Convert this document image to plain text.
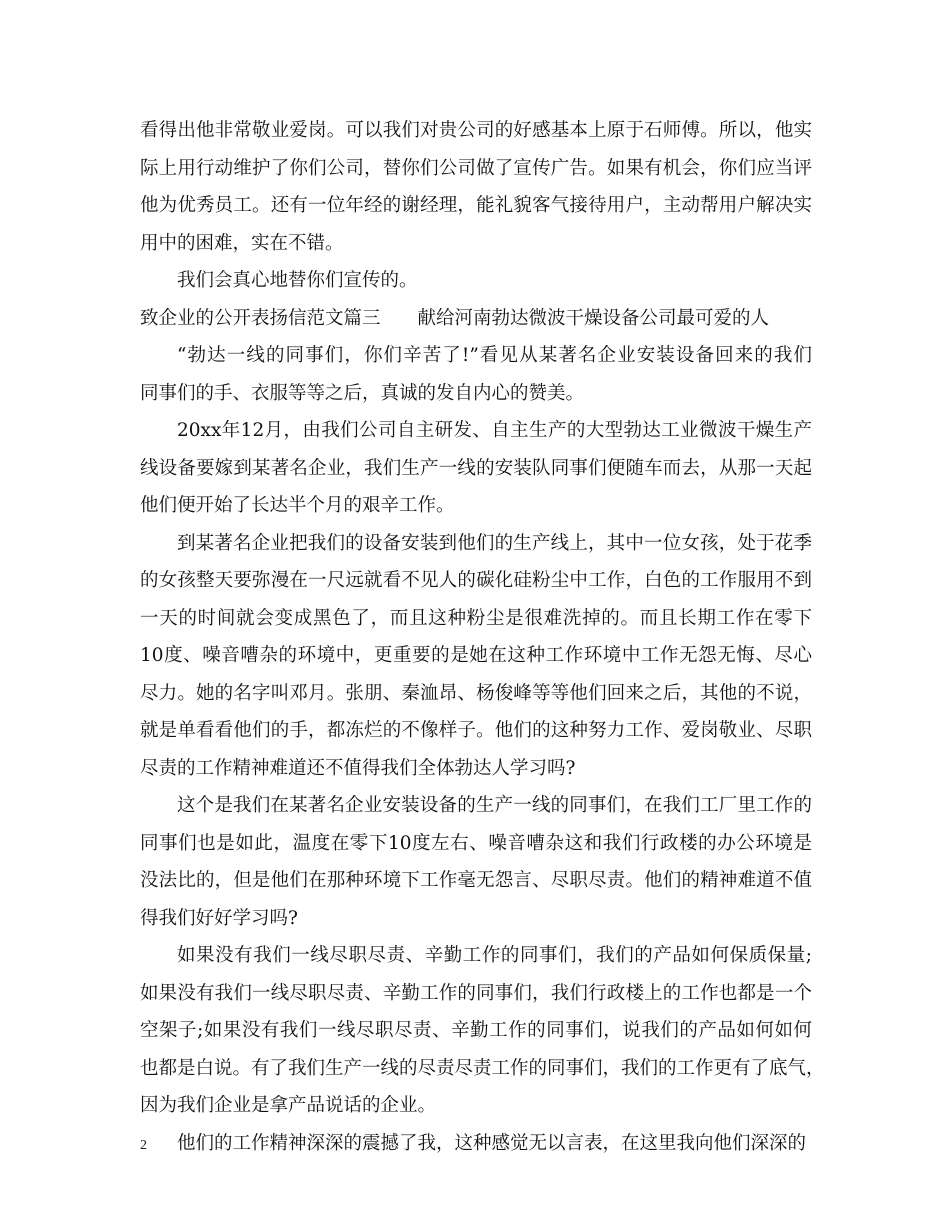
看得出他非常敬业爱岗。可以我们对贵公司的好感基本上原于石师傅。所以，他实
际上用行动维护了你们公司，替你们公司做了宣传广告。如果有机会，你们应当评
他为优秀员工。还有一位年经的谢经理，能礼貌客气接待用户，主动帮用户解决实
用中的困难，实在不错。
我们会真心地替你们宣传的。
致企业的公开表扬信范文篇三　　献给河南勃达微波干燥设备公司最可爱的人
“勃达一线的同事们，你们辛苦了!”看见从某著名企业安装设备回来的我们
同事们的手、衣服等等之后，真诚的发自内心的赞美。
20xx年12月，由我们公司自主研发、自主生产的大型勃达工业微波干燥生产
线设备要嫁到某著名企业，我们生产一线的安装队同事们便随车而去，从那一天起
他们便开始了长达半个月的艰辛工作。
到某著名企业把我们的设备安装到他们的生产线上，其中一位女孩，处于花季
的女孩整天要弥漫在一尺远就看不见人的碳化硅粉尘中工作，白色的工作服用不到
一天的时间就会变成黑色了，而且这种粉尘是很难洗掉的。而且长期工作在零下
10度、噪音嘈杂的环境中，更重要的是她在这种工作环境中工作无怨无悔、尽心
尽力。她的名字叫邓月。张朋、秦洫昂、杨俊峰等等他们回来之后，其他的不说，
就是单看看他们的手，都冻烂的不像样子。他们的这种努力工作、爱岗敬业、尽职
尽责的工作精神难道还不值得我们全体勃达人学习吗?
这个是我们在某著名企业安装设备的生产一线的同事们，在我们工厂里工作的
同事们也是如此，温度在零下10度左右、噪音嘈杂这和我们行政楼的办公环境是
没法比的，但是他们在那种环境下工作毫无怨言、尽职尽责。他们的精神难道不值
得我们好好学习吗?
如果没有我们一线尽职尽责、辛勤工作的同事们，我们的产品如何保质保量;
如果没有我们一线尽职尽责、辛勤工作的同事们，我们行政楼上的工作也都是一个
空架子;如果没有我们一线尽职尽责、辛勤工作的同事们，说我们的产品如何如何
也都是白说。有了我们生产一线的尽责尽责工作的同事们，我们的工作更有了底气，
因为我们企业是拿产品说话的企业。
他们的工作精神深深的震撼了我，这种感觉无以言表，在这里我向他们深深的
2
